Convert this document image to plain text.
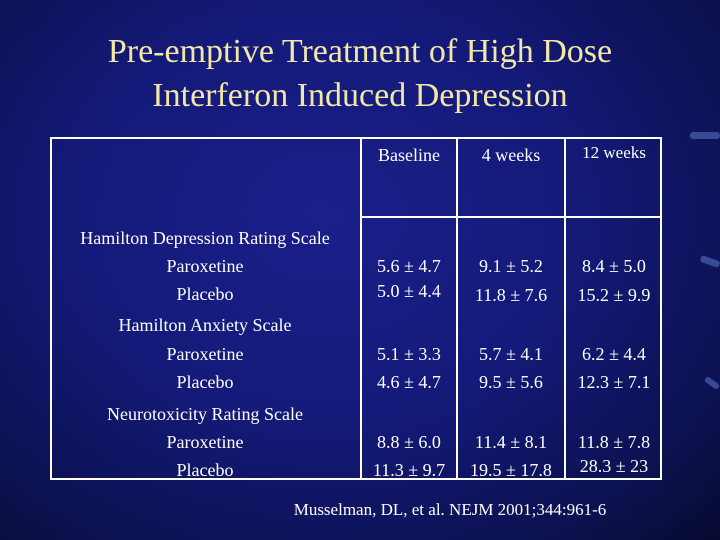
Pre-emptive Treatment of High Dose
Interferon Induced Depression
Baseline	4 weeks	12 weeks
Hamilton Depression Rating Scale
Paroxetine
Placebo
5.6 ± 4.7
5.0 ± 4.4
9.1 ± 5.2
11.8 ± 7.6
8.4 ± 5.0
15.2 ± 9.9
Hamilton Anxiety Scale
Paroxetine
Placebo
5.1 ± 3.3
4.6 ± 4.7
5.7 ± 4.1
9.5 ± 5.6
6.2 ± 4.4
12.3 ± 7.1
Neurotoxicity Rating Scale
Paroxetine
Placebo
8.8 ± 6.0
11.3 ± 9.7
11.4 ± 8.1
19.5 ± 17.8
11.8 ± 7.8
28.3 ± 23
Musselman, DL, et al. NEJM 2001;344:961-6
